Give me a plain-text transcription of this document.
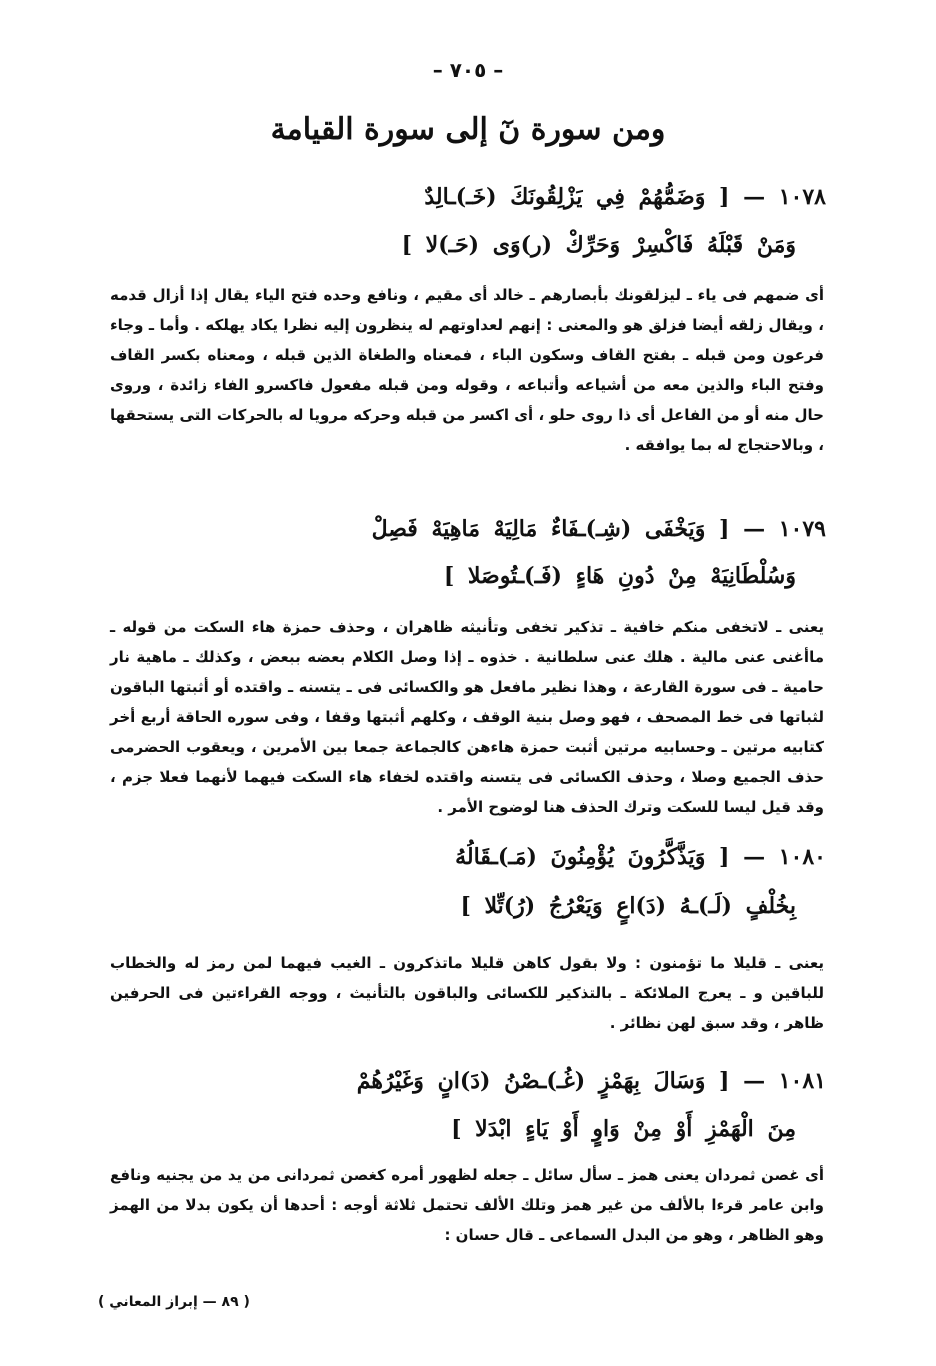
– ٧٠٥ –
ومن سورة نٓ إلى سورة القيامة
١٠٧٨ — [ وَضَمُّهُمْ فِي يَزْلِقُونَكَ (خَـ)ـالِدٌ
وَمَنْ قَبْلَهُ فَاكْسِرْ وَحَرِّكْ (ر)وَى (حَـ)لا ]
أى ضمهم فى ياء ـ ليزلقونك بأبصارهم ـ خالد أى مقيم ، ونافع وحده فتح الياء يقال إذا أزال قدمه ، ويقال زلقه أيضا فزلق هو والمعنى : إنهم لعداوتهم له ينظرون إليه نظرا يكاد يهلكه . وأما ـ وجاء فرعون ومن قبله ـ بفتح القاف وسكون الباء ، فمعناه والطغاة الذين قبله ، ومعناه بكسر القاف وفتح الباء والذين معه من أشياعه وأتباعه ، وقوله ومن قبله مفعول فاكسرو الفاء زائدة ، وروى حال منه أو من الفاعل أى ذا روى حلو ، أى اكسر من قبله وحركه مرويا له بالحركات التى يستحقها ، وبالاحتجاج له بما يوافقه .
١٠٧٩ — [ وَيَخْفَى (شِـ)ـفَاءٌ مَالِيَهْ مَاهِيَهْ فَصِلْ
وَسُلْطَانِيَهْ مِنْ دُونِ هَاءٍ (فَـ)ـتُوصَلا ]
يعنى ـ لاتخفى منكم خافية ـ تذكير تخفى وتأنيثه ظاهران ، وحذف حمزة هاء السكت من قوله ـ ماأغنى عنى مالية . هلك عنى سلطانية . خذوه ـ إذا وصل الكلام بعضه ببعض ، وكذلك ـ ماهية نار حامية ـ فى سورة القارعة ، وهذا نظير مافعل هو والكسائى فى ـ يتسنه ـ واقتده أو أثبتها الباقون لثباتها فى خط المصحف ، فهو وصل بنية الوقف ، وكلهم أثبتها وقفا ، وفى سوره الحاقة أربع أخر كتابيه مرتين ـ وحسابيه مرتين أثبت حمزة هاءهن كالجماعة جمعا بين الأمرين ، ويعقوب الحضرمى حذف الجميع وصلا ، وحذف الكسائى فى يتسنه واقتده لخفاء هاء السكت فيهما لأنهما فعلا جزم ، وقد قيل ليسا للسكت وترك الحذف هنا لوضوح الأمر .
١٠٨٠ — [ وَيَذَّكَّرُونَ يُؤْمِنُونَ (مَـ)ـقَالُهُ
بِخُلْفٍ (لَـ)ـهُ (دَ)اعٍ وَيَعْرُجُ (رُ)تِّلا ]
يعنى ـ قليلا ما تؤمنون : ولا بقول كاهن قليلا ماتذكرون ـ الغيب فيهما لمن رمز له والخطاب للباقين و ـ يعرج الملائكة ـ بالتذكير للكسائى والباقون بالتأنيث ، ووجه القراءتين فى الحرفين ظاهر ، وقد سبق لهن نظائر .
١٠٨١ — [ وَسَالَ بِهَمْزٍ (غُـ)ـصْنُ (دَ)انٍ وَغَيْرُهُمْ
مِنَ الْهَمْزِ أَوْ مِنْ وَاوٍ أَوْ يَاءٍ ابْدَلا ]
أى غصن ثمردان يعنى همز ـ سأل سائل ـ جعله لظهور أمره كغصن ثمردانى من يد من يجنيه ونافع وابن عامر قرءا بالألف من غير همز وتلك الألف تحتمل ثلاثة أوجه : أحدها أن يكون بدلا من الهمز وهو الظاهر ، وهو من البدل السماعى ـ قال حسان :
( ٨٩ — إبراز المعاني )
